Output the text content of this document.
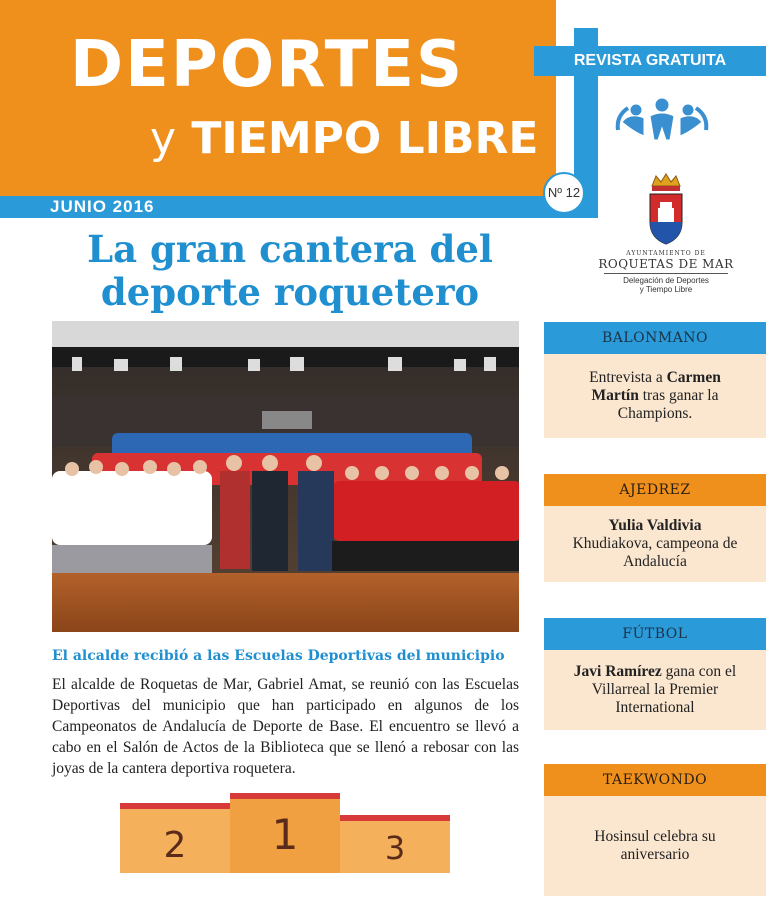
DEPORTES
y TIEMPO LIBRE
JUNIO 2016
Nº 12
REVISTA GRATUITA
AYUNTAMIENTO DE
ROQUETAS DE MAR
Delegación de Deportes
y Tiempo Libre
La gran cantera del
deporte roquetero
El alcalde recibió a las Escuelas Deportivas del municipio
El alcalde de Roquetas de Mar, Gabriel Amat, se reunió con las Escuelas Deportivas del municipio que han participado en algunos de los Campeonatos de Andalucía de Deporte de Base. El encuentro se llevó a cabo en el Salón de Actos de la Biblioteca que se llenó a rebosar con las joyas de la cantera deportiva roquetera.
2 1	3
BALONMANO
Entrevista a Carmen Martín tras ganar la Champions.
AJEDREZ
Yulia Valdivia Khudiakova, campeona de Andalucía
FÚTBOL
Javi Ramírez gana con el Villarreal la Premier International
TAEKWONDO
Hosinsul celebra su aniversario
